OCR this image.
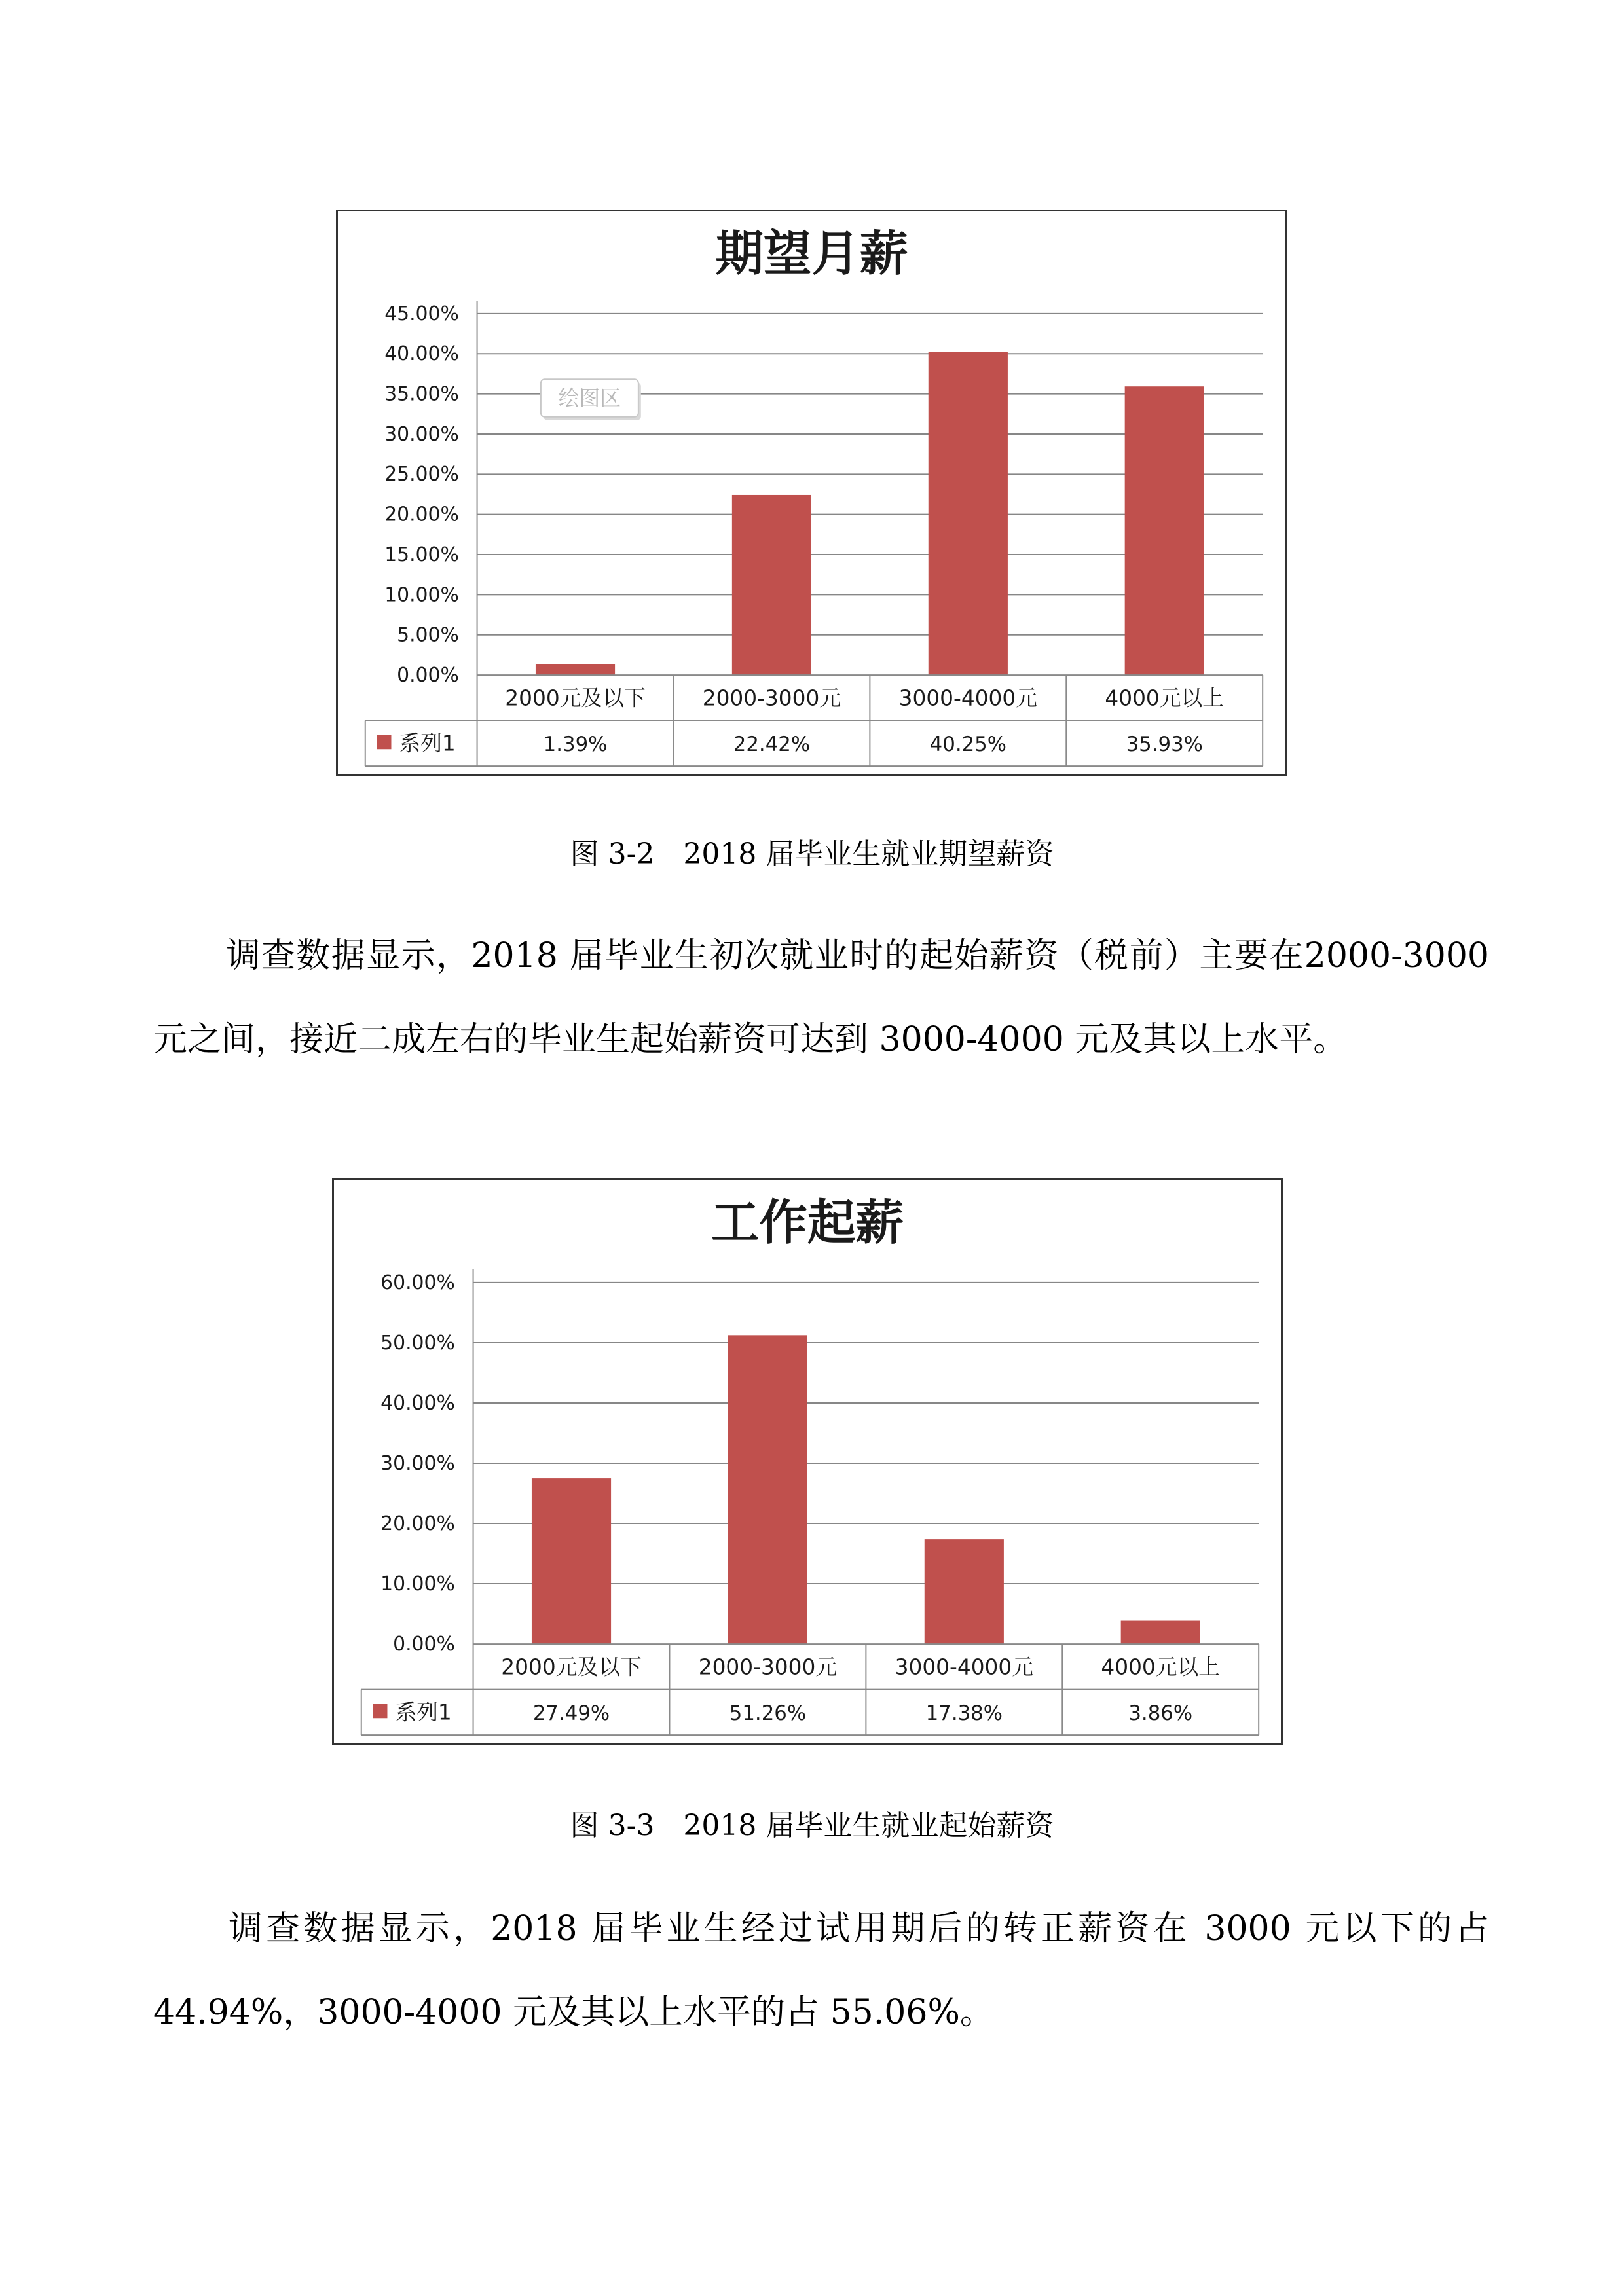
期望月薪
0.00%
5.00%
10.00%
15.00%
20.00%
25.00%
30.00%
35.00%
40.00%
45.00%
绘图区
2000元及以下
1.39%
2000-3000元
22.42%
3000-4000元
40.25%
4000元以上
35.93%
系列1
图 3-2　2018 届毕业生就业期望薪资
调查数据显示，2018 届毕业生初次就业时的起始薪资（税前）主要在2000-3000 元之间，接近二成左右的毕业生起始薪资可达到 3000-4000 元及其以上水平。
工作起薪
0.00%
10.00%
20.00%
30.00%
40.00%
50.00%
60.00%
2000元及以下
27.49%
2000-3000元
51.26%
3000-4000元
17.38%
4000元以上
3.86%
系列1
图 3-3　2018 届毕业生就业起始薪资
调查数据显示，2018 届毕业生经过试用期后的转正薪资在 3000 元以下的占44.94%，3000-4000 元及其以上水平的占 55.06%。
